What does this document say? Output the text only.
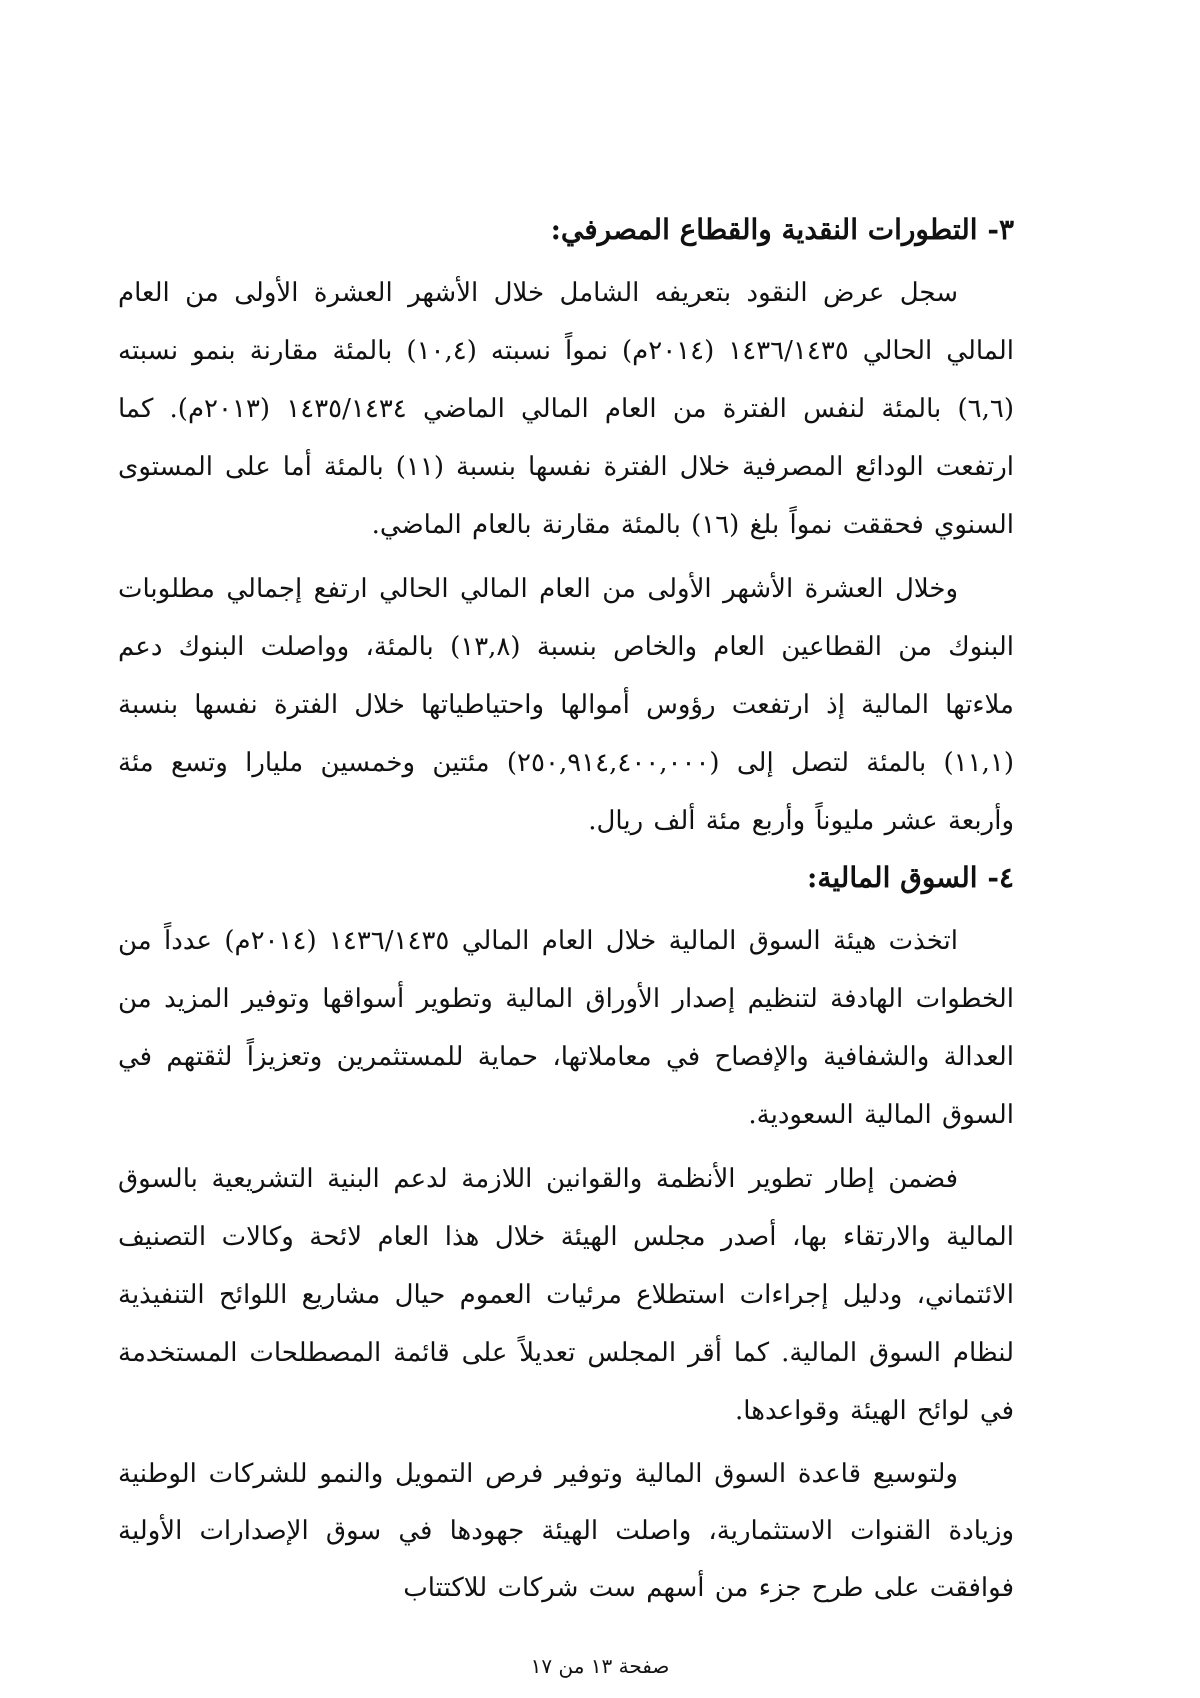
٣- التطورات النقدية والقطاع المصرفي:

سجل عرض النقود بتعريفه الشامل خلال الأشهر العشرة الأولى من العام المالي الحالي ١٤٣٦/١٤٣٥ (٢٠١٤م) نمواً نسبته (١٠,٤) بالمئة مقارنة بنمو نسبته (٦,٦) بالمئة لنفس الفترة من العام المالي الماضي ١٤٣٥/١٤٣٤ (٢٠١٣م). كما ارتفعت الودائع المصرفية خلال الفترة نفسها بنسبة (١١) بالمئة أما على المستوى السنوي فحققت نمواً بلغ (١٦) بالمئة مقارنة بالعام الماضي.

وخلال العشرة الأشهر الأولى من العام المالي الحالي ارتفع إجمالي مطلوبات البنوك من القطاعين العام والخاص بنسبة (١٣,٨) بالمئة، وواصلت البنوك دعم ملاءتها المالية إذ ارتفعت رؤوس أموالها واحتياطياتها خلال الفترة نفسها بنسبة (١١,١) بالمئة لتصل إلى (٢٥٠,٩١٤,٤٠٠,٠٠٠) مئتين وخمسين مليارا وتسع مئة وأربعة عشر مليوناً وأربع مئة ألف ريال.

٤- السوق المالية:

اتخذت هيئة السوق المالية خلال العام المالي ١٤٣٦/١٤٣٥ (٢٠١٤م) عدداً من الخطوات الهادفة لتنظيم إصدار الأوراق المالية وتطوير أسواقها وتوفير المزيد من العدالة والشفافية والإفصاح في معاملاتها، حماية للمستثمرين وتعزيزاً لثقتهم في السوق المالية السعودية.

فضمن إطار تطوير الأنظمة والقوانين اللازمة لدعم البنية التشريعية بالسوق المالية والارتقاء بها، أصدر مجلس الهيئة خلال هذا العام لائحة وكالات التصنيف الائتماني، ودليل إجراءات استطلاع مرئيات العموم حيال مشاريع اللوائح التنفيذية لنظام السوق المالية. كما أقر المجلس تعديلاً على قائمة المصطلحات المستخدمة في لوائح الهيئة وقواعدها.

ولتوسيع قاعدة السوق المالية وتوفير فرص التمويل والنمو للشركات الوطنية وزيادة القنوات الاستثمارية، واصلت الهيئة جهودها في سوق الإصدارات الأولية فوافقت على طرح جزء من أسهم ست شركات للاكتتاب

صفحة ١٣ من ١٧
